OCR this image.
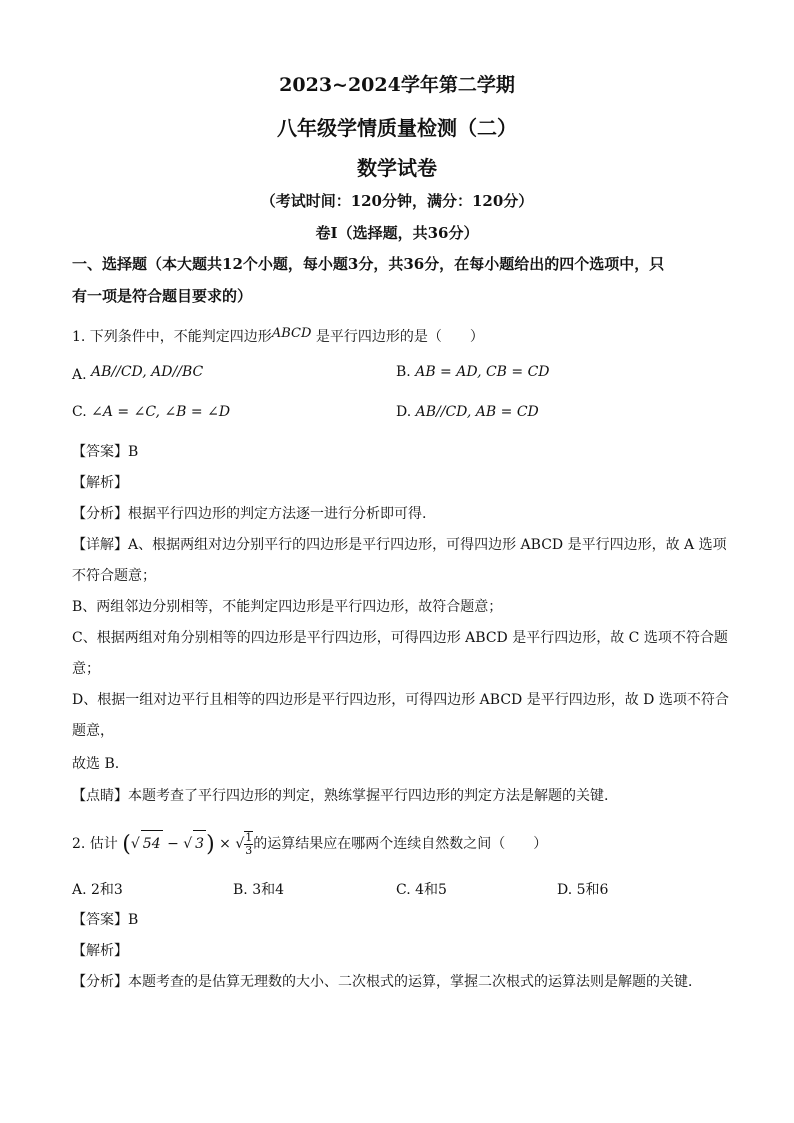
2023~2024学年第二学期
八年级学情质量检测（二）
数学试卷
（考试时间：120分钟，满分：120分）
卷Ⅰ（选择题，共36分）
一、选择题（本大题共12个小题，每小题3分，共36分，在每小题给出的四个选项中，只
有一项是符合题目要求的）
1. 下列条件中，不能判定四边形ABCD 是平行四边形的是（　　）
A. AB//CD, AD//BC	B. AB = AD, CB = CD
C. ∠A = ∠C, ∠B = ∠D	D. AB//CD, AB = CD
【答案】B
【解析】
【分析】根据平行四边形的判定方法逐一进行分析即可得.
【详解】A、根据两组对边分别平行的四边形是平行四边形，可得四边形 ABCD 是平行四边形，故 A 选项
不符合题意；
B、两组邻边分别相等，不能判定四边形是平行四边形，故符合题意；
C、根据两组对角分别相等的四边形是平行四边形，可得四边形 ABCD 是平行四边形，故 C 选项不符合题
意；
D、根据一组对边平行且相等的四边形是平行四边形，可得四边形 ABCD 是平行四边形，故 D 选项不符合
题意，
故选 B.
【点睛】本题考查了平行四边形的判定，熟练掌握平行四边形的判定方法是解题的关键.
2. 估计 (√ 54 − √ 3) × √ $\frac{1}{3}$ 的运算结果应在哪两个连续自然数之间（　　）
A. 2和3	B. 3和4	C. 4和5	D. 5和6
【答案】B
【解析】
【分析】本题考查的是估算无理数的大小、二次根式的运算，掌握二次根式的运算法则是解题的关键．
